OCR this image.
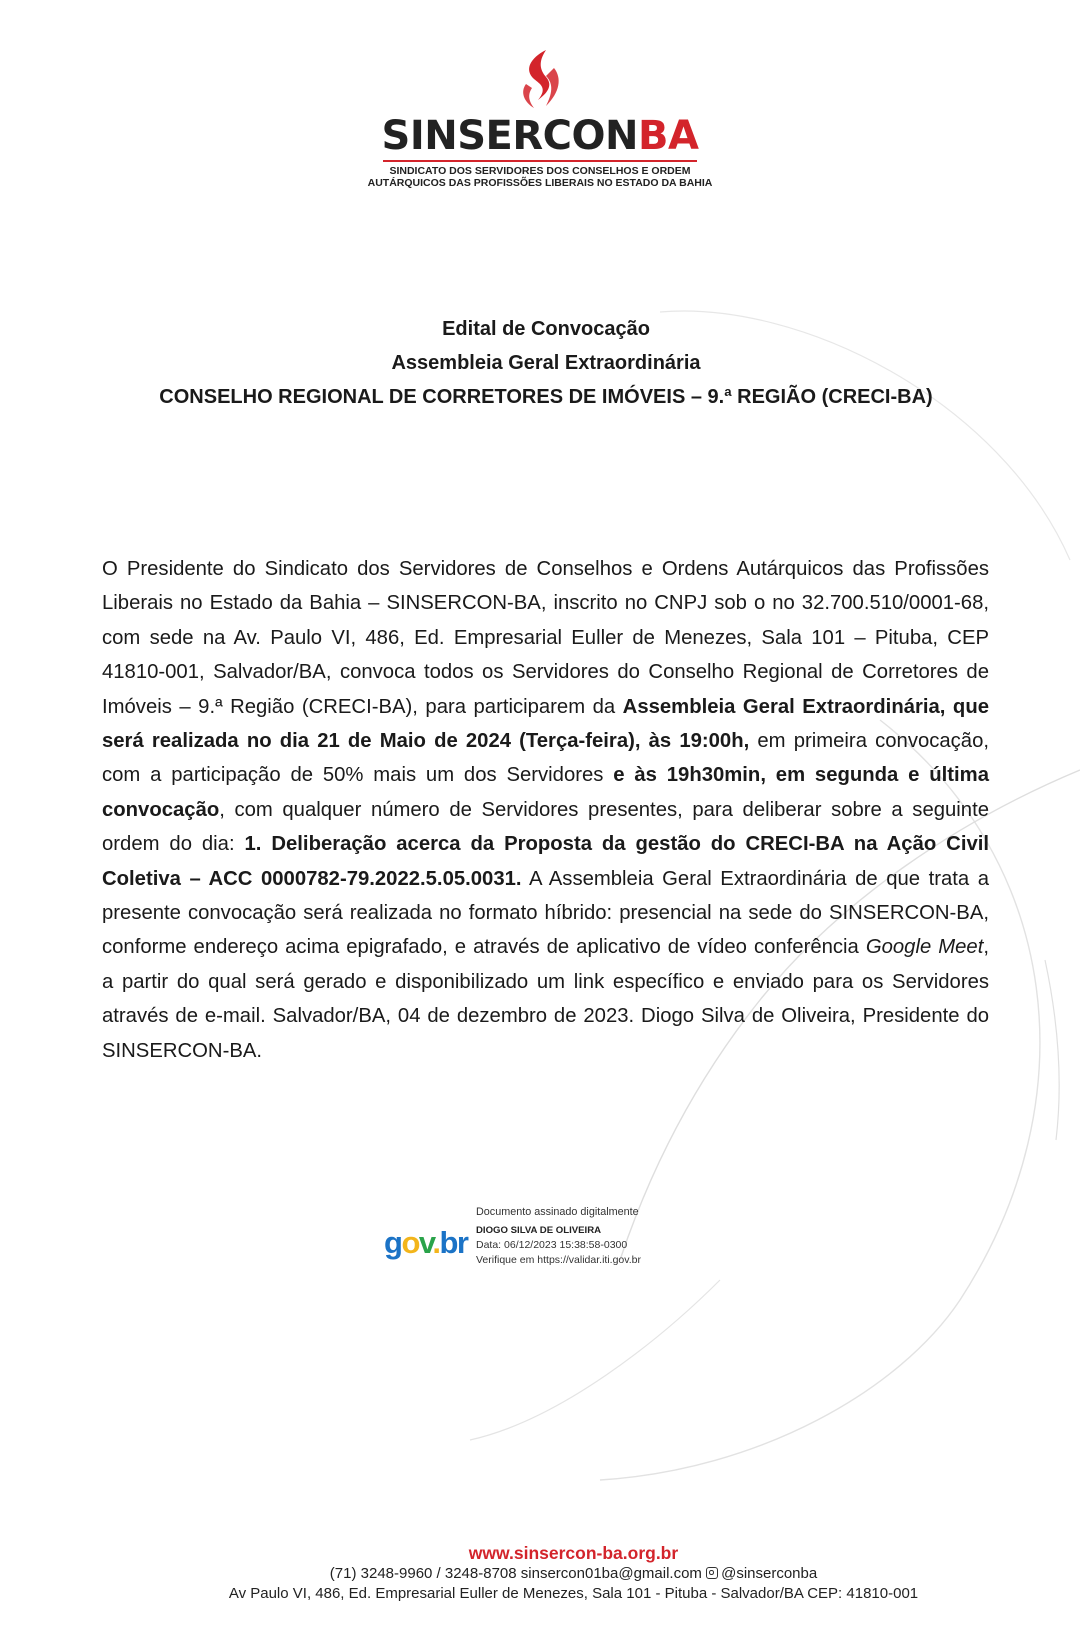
SINSERCONBA
SINDICATO DOS SERVIDORES DOS CONSELHOS E ORDEM
AUTÁRQUICOS DAS PROFISSÕES LIBERAIS NO ESTADO DA BAHIA
Edital de Convocação
Assembleia Geral Extraordinária
CONSELHO REGIONAL DE CORRETORES DE IMÓVEIS – 9.ª REGIÃO (CRECI-BA)
O Presidente do Sindicato dos Servidores de Conselhos e Ordens Autárquicos das Profissões Liberais no Estado da Bahia – SINSERCON-BA, inscrito no CNPJ sob o no 32.700.510/0001-68, com sede na Av. Paulo VI, 486, Ed. Empresarial Euller de Menezes, Sala 101 – Pituba, CEP 41810-001, Salvador/BA, convoca todos os Servidores do Conselho Regional de Corretores de Imóveis – 9.ª Região (CRECI-BA), para participarem da Assembleia Geral Extraordinária, que será realizada no dia 21 de Maio de 2024 (Terça-feira), às 19:00h, em primeira convocação, com a participação de 50% mais um dos Servidores e às 19h30min, em segunda e última convocação, com qualquer número de Servidores presentes, para deliberar sobre a seguinte ordem do dia: 1. Deliberação acerca da Proposta da gestão do CRECI-BA na Ação Civil Coletiva – ACC 0000782-79.2022.5.05.0031. A Assembleia Geral Extraordinária de que trata a presente convocação será realizada no formato híbrido: presencial na sede do SINSERCON-BA, conforme endereço acima epigrafado, e através de aplicativo de vídeo conferência Google Meet, a partir do qual será gerado e disponibilizado um link específico e enviado para os Servidores através de e-mail. Salvador/BA, 04 de dezembro de 2023. Diogo Silva de Oliveira, Presidente do SINSERCON-BA.
gov.br
Documento assinado digitalmente
DIOGO SILVA DE OLIVEIRA
Data: 06/12/2023 15:38:58-0300
Verifique em https://validar.iti.gov.br
www.sinsercon-ba.org.br
(71) 3248-9960 / 3248-8708 sinsercon01ba@gmail.com @sinserconba
Av Paulo VI, 486, Ed. Empresarial Euller de Menezes, Sala 101 - Pituba - Salvador/BA CEP: 41810-001
